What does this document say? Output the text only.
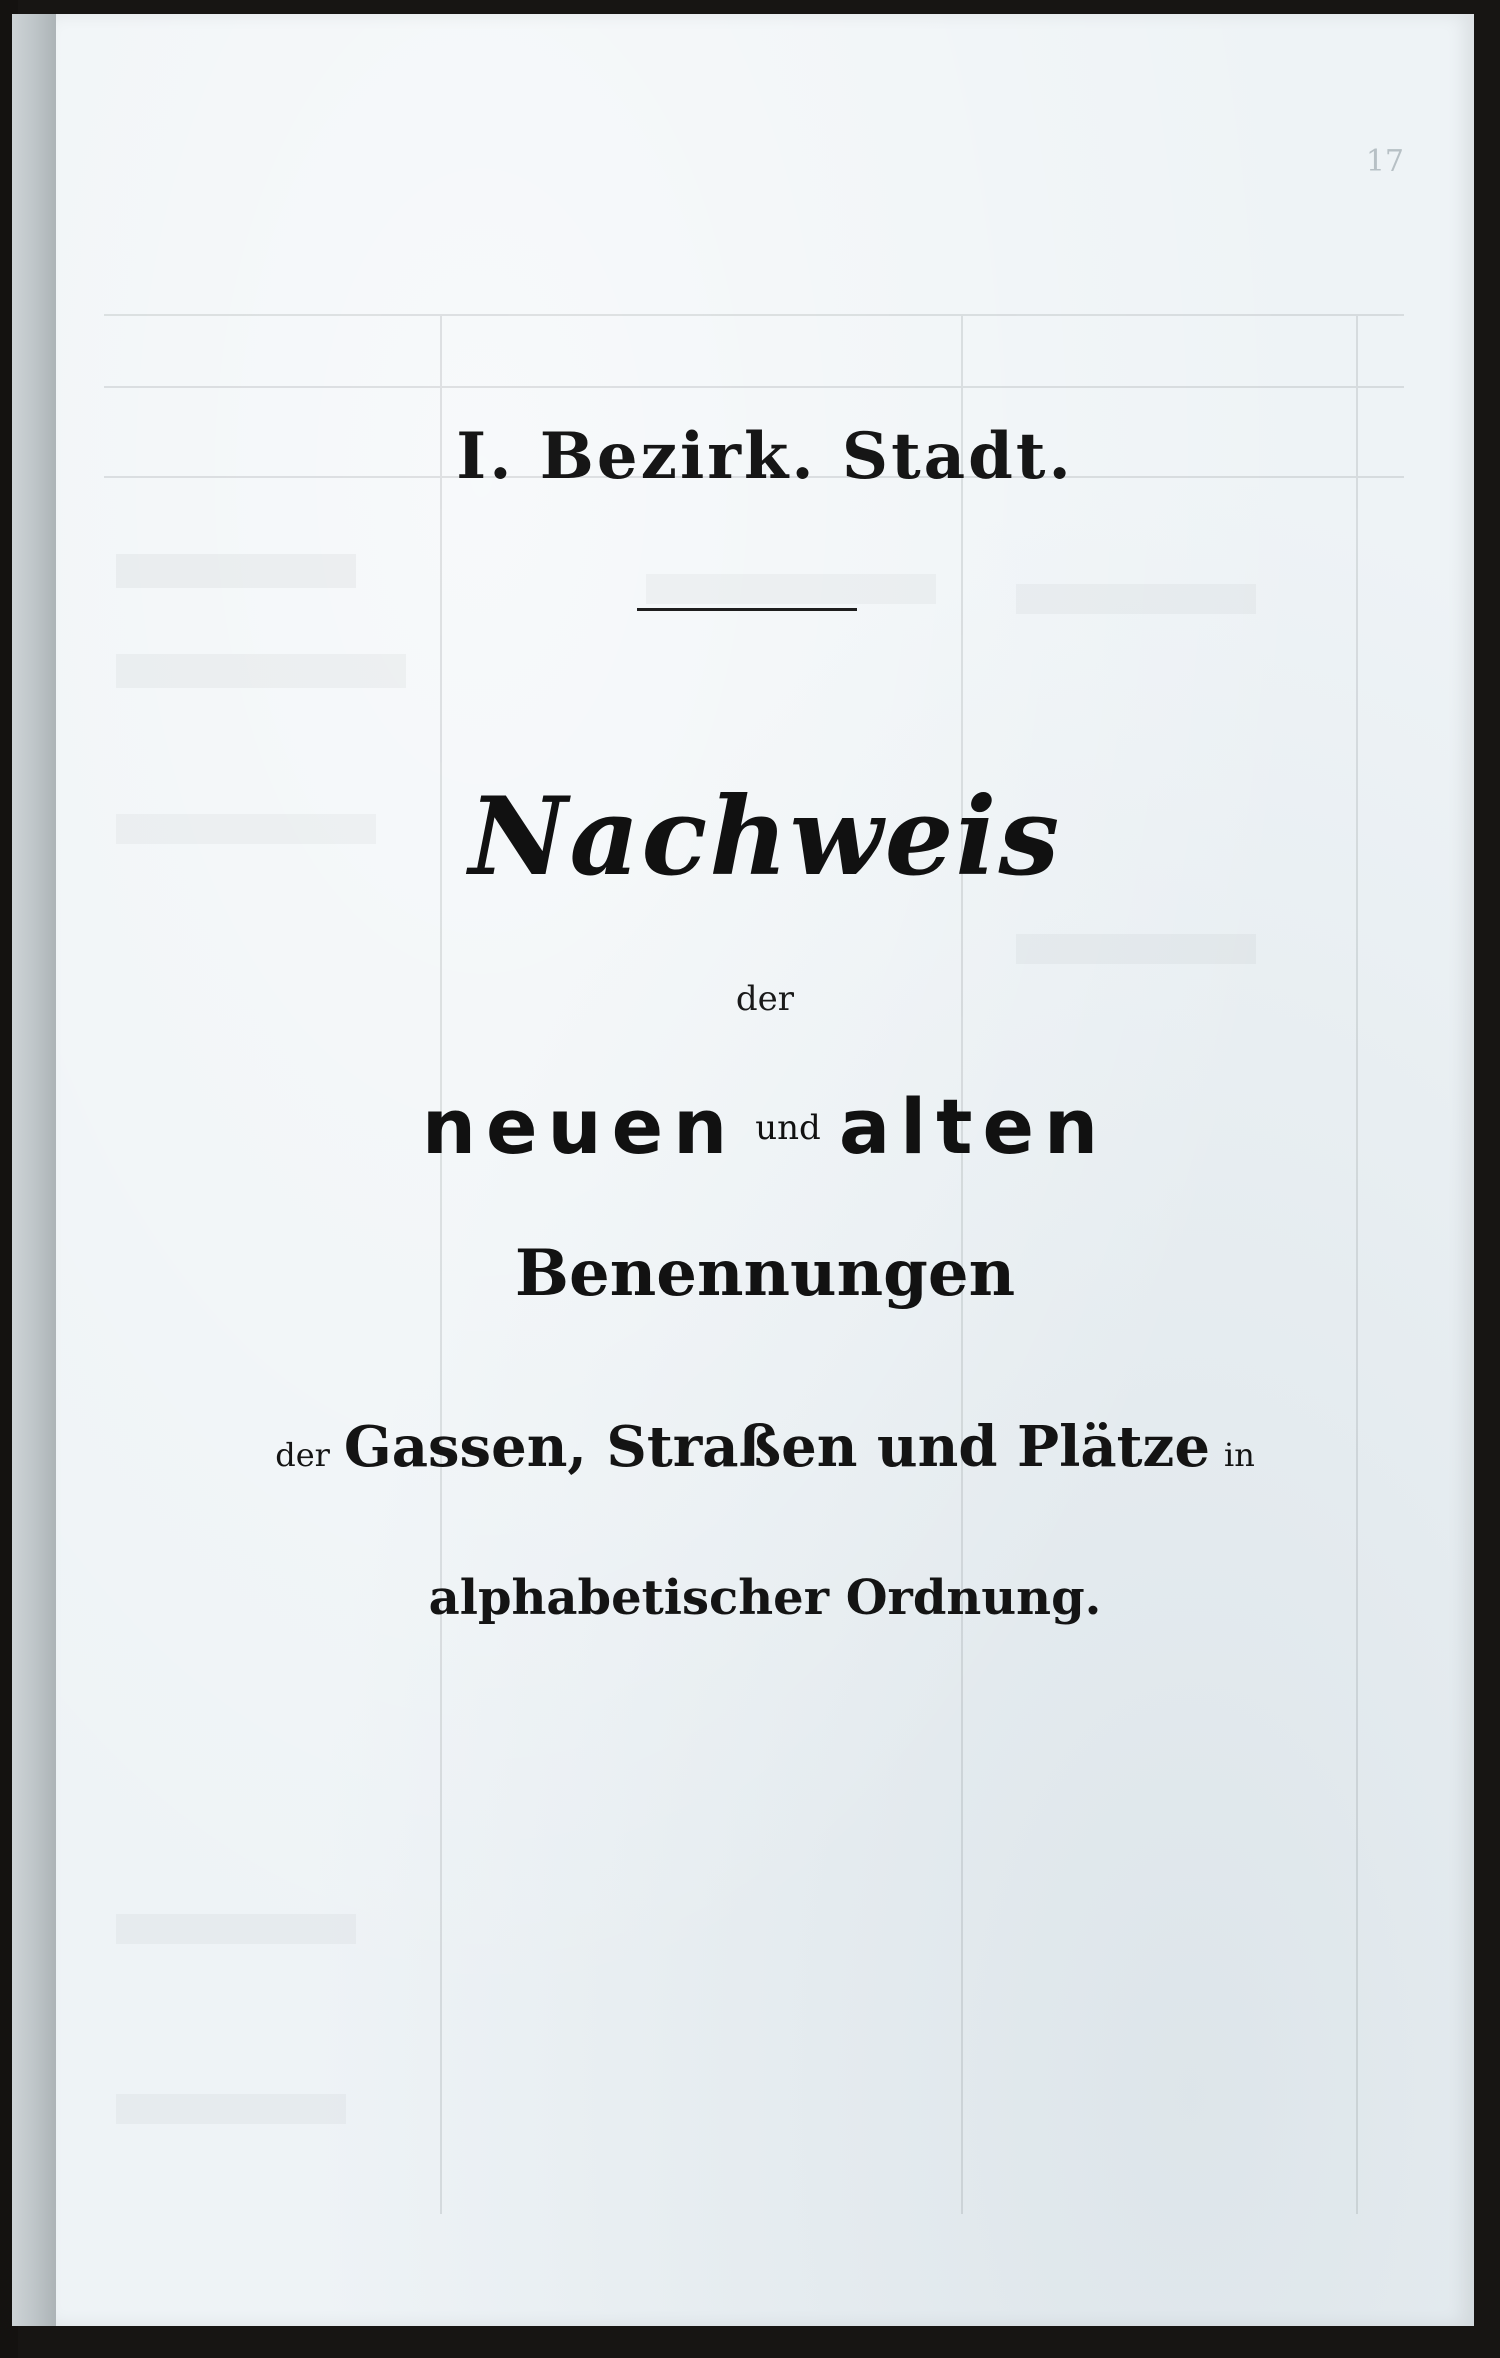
17
I. Bezirk. Stadt.
Nachweis
der
neuen und alten
Benennungen
der Gassen, Straßen und Plätze in
alphabetischer Ordnung.
